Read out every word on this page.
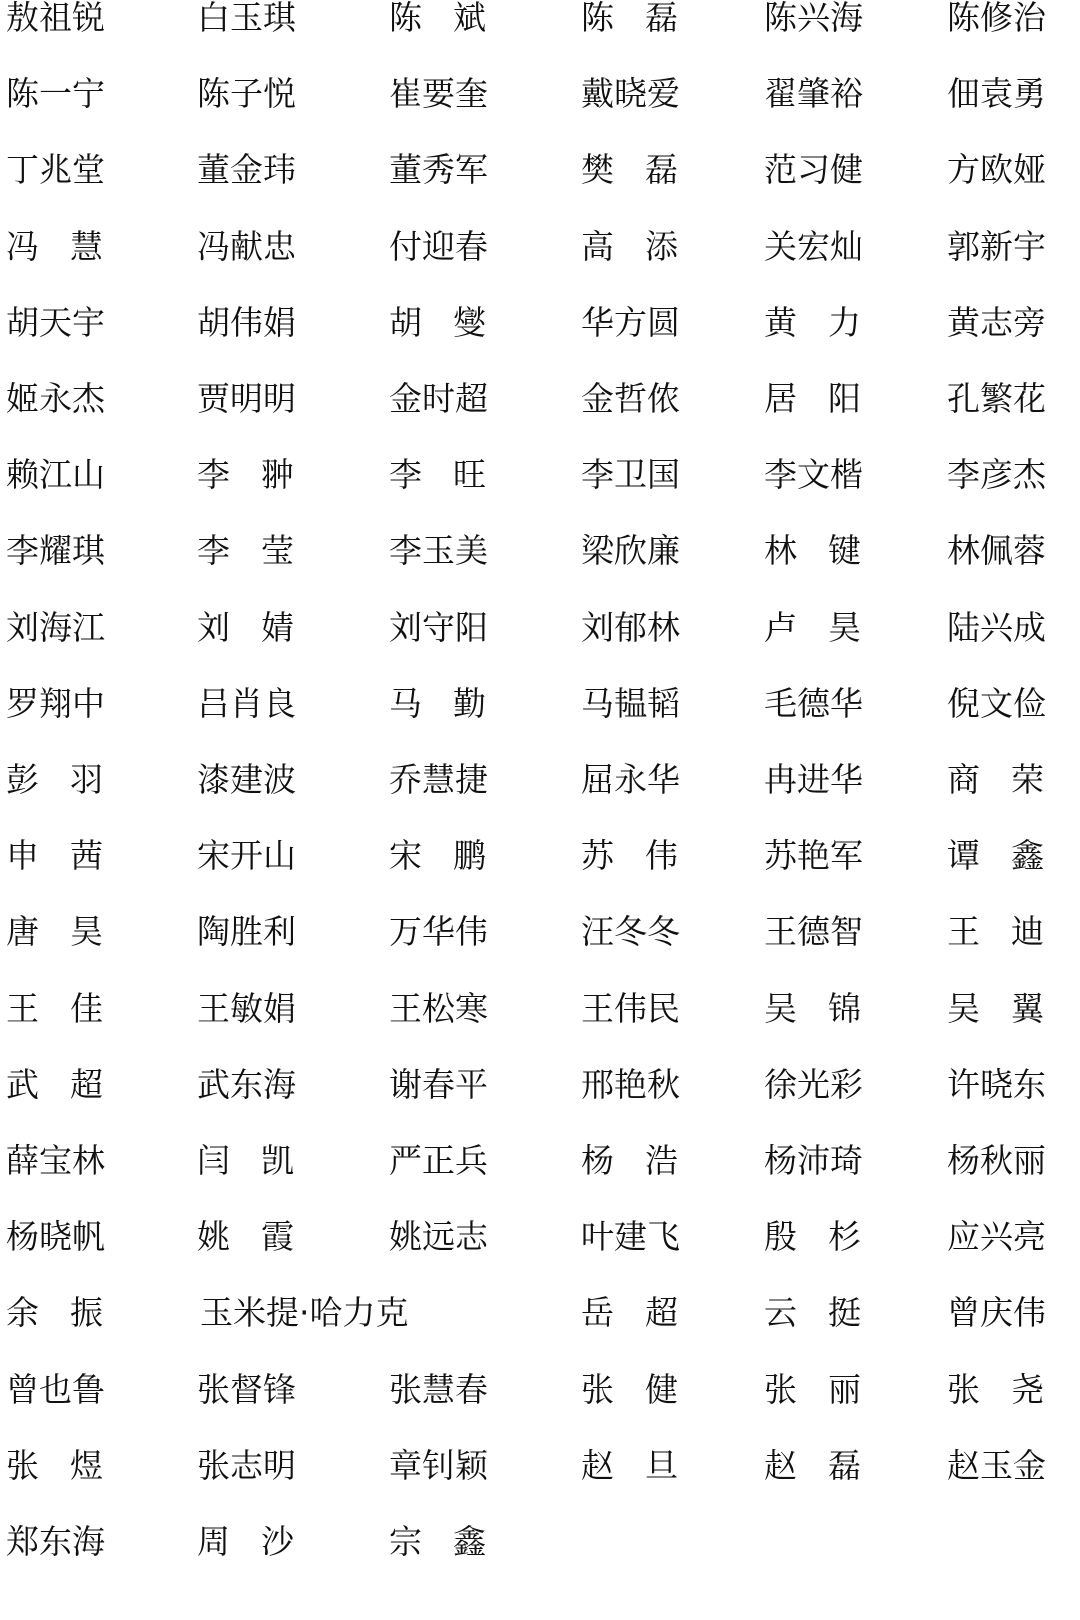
敖祖锐	白玉琪	陈 斌	陈 磊	陈兴海	陈修治
陈一宁	陈子悦	崔要奎	戴晓爱	翟肇裕	佃袁勇
丁兆堂	董金玮	董秀军	樊 磊	范习健	方欧娅
冯 慧	冯献忠	付迎春	高 添	关宏灿	郭新宇
胡天宇	胡伟娟	胡 燮	华方圆	黄 力	黄志旁
姬永杰	贾明明	金时超	金哲侬	居 阳	孔繁花
赖江山	李 翀	李 旺	李卫国	李文楷	李彦杰
李耀琪	李 莹	李玉美	梁欣廉	林 键	林佩蓉
刘海江	刘 婧	刘守阳	刘郁林	卢 昊	陆兴成
罗翔中	吕肖良	马 勤	马韫韬	毛德华	倪文俭
彭 羽	漆建波	乔慧捷	屈永华	冉进华	商 荣
申 茜	宋开山	宋 鹏	苏 伟	苏艳军	谭 鑫
唐 昊	陶胜利	万华伟	汪冬冬	王德智	王 迪
王 佳	王敏娟	王松寒	王伟民	吴 锦	吴 翼
武 超	武东海	谢春平	邢艳秋	徐光彩	许晓东
薛宝林	闫 凯	严正兵	杨 浩	杨沛琦	杨秋丽
杨晓帆	姚 霞	姚远志	叶建飞	殷 杉	应兴亮
余 振	玉米提·哈力克	岳 超	云 挺	曾庆伟
曾也鲁	张督锋	张慧春	张 健	张 丽	张 尧
张 煜	张志明	章钊颖	赵 旦	赵 磊	赵玉金
郑东海	周 沙	宗 鑫
